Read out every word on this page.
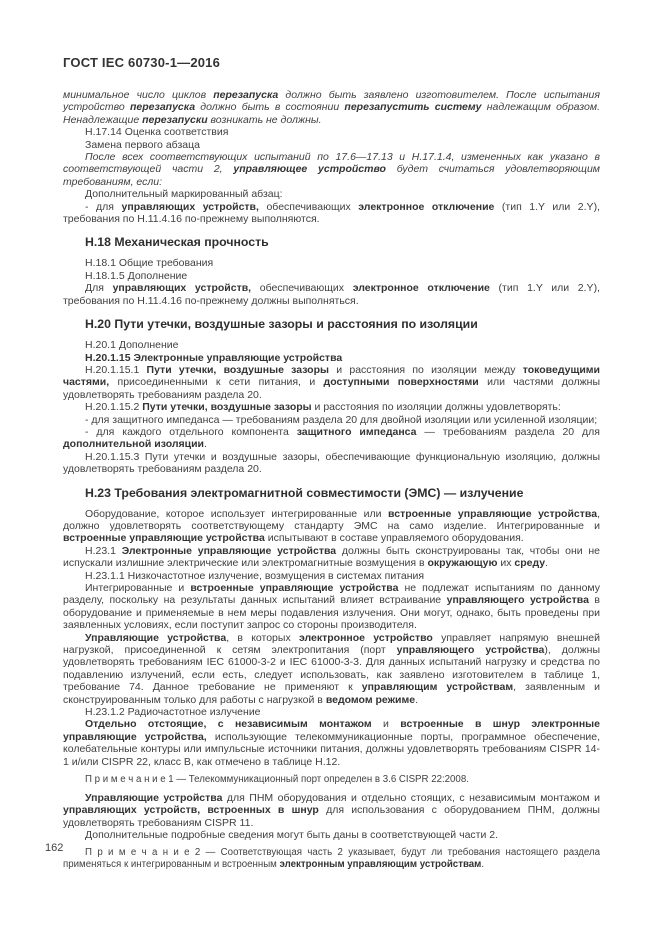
ГОСТ IEC 60730-1—2016

минимальное число циклов перезапуска должно быть заявлено изготовителем. После испытания устройство перезапуска должно быть в состоянии перезапустить систему надлежащим образом. Ненадлежащие перезапуски возникать не должны.

Н.17.14 Оценка соответствия

Замена первого абзаца

После всех соответствующих испытаний по 17.6—17.13 и Н.17.1.4, измененных как указано в соответствующей части 2, управляющее устройство будет считаться удовлетворяющим требованиям, если:

Дополнительный маркированный абзац:

- для управляющих устройств, обеспечивающих электронное отключение (тип 1.Y или 2.Y), требования по Н.11.4.16 по-прежнему выполняются.

Н.18 Механическая прочность

Н.18.1 Общие требования

Н.18.1.5 Дополнение

Для управляющих устройств, обеспечивающих электронное отключение (тип 1.Y или 2.Y), требования по Н.11.4.16 по-прежнему должны выполняться.

Н.20 Пути утечки, воздушные зазоры и расстояния по изоляции

Н.20.1 Дополнение

Н.20.1.15 Электронные управляющие устройства

Н.20.1.15.1 Пути утечки, воздушные зазоры и расстояния по изоляции между токоведущими частями, присоединенными к сети питания, и доступными поверхностями или частями должны удовлетворять требованиям раздела 20.

Н.20.1.15.2 Пути утечки, воздушные зазоры и расстояния по изоляции должны удовлетворять:

- для защитного импеданса — требованиям раздела 20 для двойной изоляции или усиленной изоляции;

- для каждого отдельного компонента защитного импеданса — требованиям раздела 20 для дополнительной изоляции.

Н.20.1.15.3 Пути утечки и воздушные зазоры, обеспечивающие функциональную изоляцию, должны удовлетворять требованиям раздела 20.

Н.23 Требования электромагнитной совместимости (ЭМС) — излучение

Оборудование, которое использует интегрированные или встроенные управляющие устройства, должно удовлетворять соответствующему стандарту ЭМС на само изделие. Интегрированные и встроенные управляющие устройства испытывают в составе управляемого оборудования.

Н.23.1 Электронные управляющие устройства должны быть сконструированы так, чтобы они не испускали излишние электрические или электромагнитные возмущения в окружающую их среду.

Н.23.1.1 Низкочастотное излучение, возмущения в системах питания

Интегрированные и встроенные управляющие устройства не подлежат испытаниям по данному разделу, поскольку на результаты данных испытаний влияет встраивание управляющего устройства в оборудование и применяемые в нем меры подавления излучения. Они могут, однако, быть проведены при заявленных условиях, если поступит запрос со стороны производителя.

Управляющие устройства, в которых электронное устройство управляет напрямую внешней нагрузкой, присоединенной к сетям электропитания (порт управляющего устройства), должны удовлетворять требованиям IEC 61000-3-2 и IEC 61000-3-3. Для данных испытаний нагрузку и средства по подавлению излучений, если есть, следует использовать, как заявлено изготовителем в таблице 1, требование 74. Данное требование не применяют к управляющим устройствам, заявленным и сконструированным только для работы с нагрузкой в ведомом режиме.

Н.23.1.2 Радиочастотное излучение

Отдельно отстоящие, с независимым монтажом и встроенные в шнур электронные управляющие устройства, использующие телекоммуникационные порты, программное обеспечение, колебательные контуры или импульсные источники питания, должны удовлетворять требованиям CISPR 14-1 и/или CISPR 22, класс В, как отмечено в таблице Н.12.

П р и м е ч а н и е 1 — Телекоммуникационный порт определен в 3.6 CISPR 22:2008.

Управляющие устройства для ПНМ оборудования и отдельно стоящих, с независимым монтажом и управляющих устройств, встроенных в шнур для использования с оборудованием ПНМ, должны удовлетворять требованиям CISPR 11.

Дополнительные подробные сведения могут быть даны в соответствующей части 2.

П р и м е ч а н и е 2 — Соответствующая часть 2 указывает, будут ли требования настоящего раздела применяться к интегрированным и встроенным электронным управляющим устройствам.

162
